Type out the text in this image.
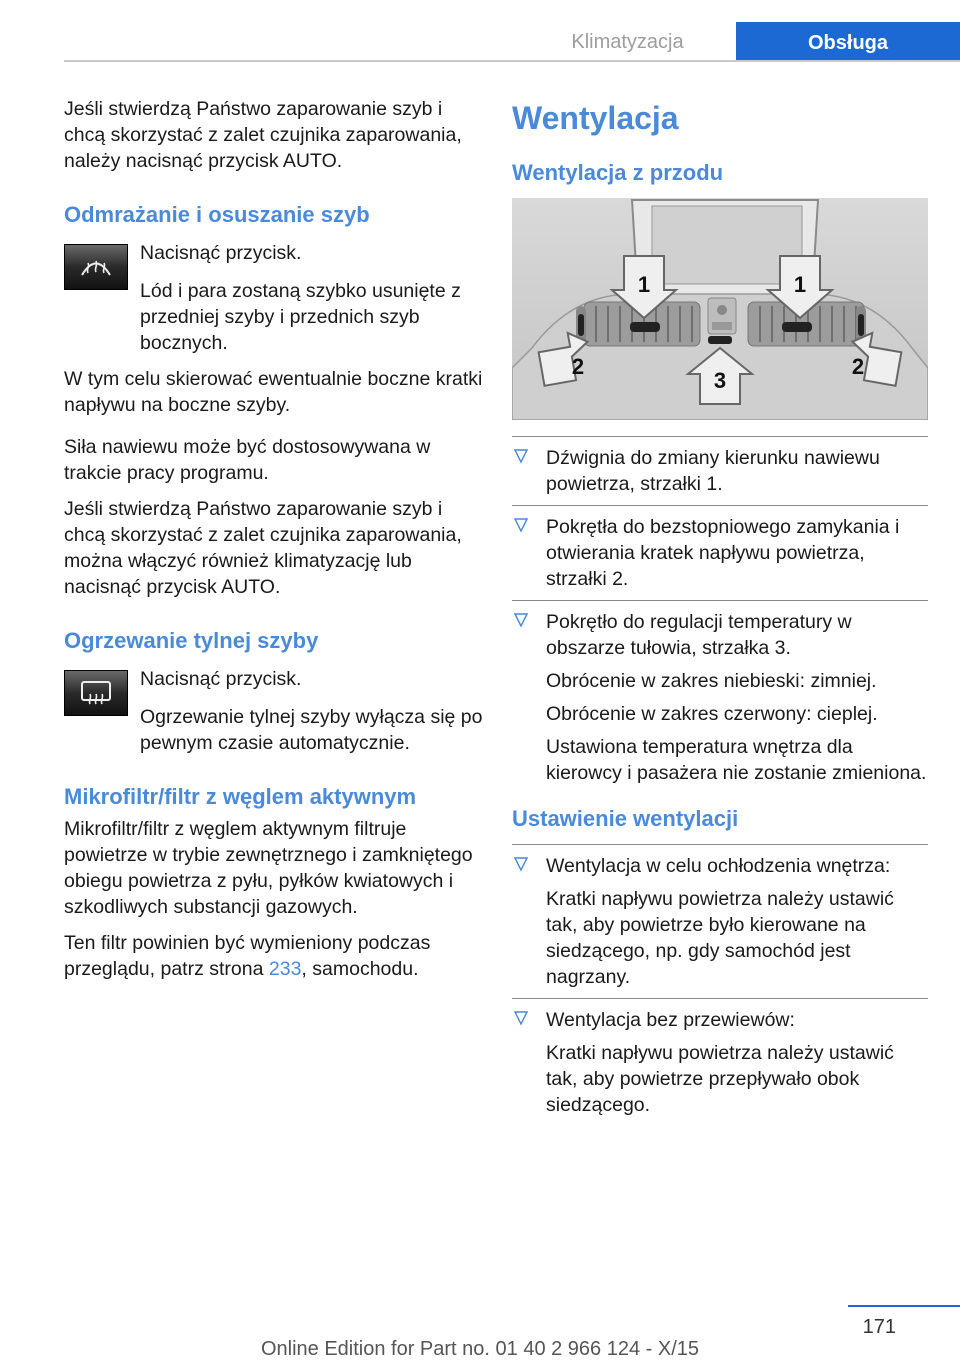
Klimatyzacja	Obsługa

Jeśli stwierdzą Państwo zaparowanie szyb i chcą skorzystać z zalet czujnika zaparowania, należy nacisnąć przycisk AUTO.

Odmrażanie i osuszanie szyb

Nacisnąć przycisk.

Lód i para zostaną szybko usunięte z przedniej szyby i przednich szyb bocznych.

W tym celu skierować ewentualnie boczne kratki napływu na boczne szyby.

Siła nawiewu może być dostosowywana w trakcie pracy programu.

Jeśli stwierdzą Państwo zaparowanie szyb i chcą skorzystać z zalet czujnika zaparowania, można włączyć również klimatyzację lub nacisnąć przycisk AUTO.

Ogrzewanie tylnej szyby

Nacisnąć przycisk.

Ogrzewanie tylnej szyby wyłącza się po pewnym czasie automatycznie.

Mikrofiltr/filtr z węglem aktywnym

Mikrofiltr/filtr z węglem aktywnym filtruje powietrze w trybie zewnętrznego i zamkniętego obiegu powietrza z pyłu, pyłków kwiatowych i szkodliwych substancji gazowych.

Ten filtr powinien być wymieniony podczas przeglądu, patrz strona 233, samochodu.

Wentylacja
Wentylacja z przodu
1	1
2
3
2

Dźwignia do zmiany kierunku nawiewu powietrza, strzałki 1.

Pokrętła do bezstopniowego zamykania i otwierania kratek napływu powietrza, strzałki 2.

Pokrętło do regulacji temperatury w obszarze tułowia, strzałka 3.

Obrócenie w zakres niebieski: zimniej.

Obrócenie w zakres czerwony: cieplej.

Ustawiona temperatura wnętrza dla kierowcy i pasażera nie zostanie zmieniona.

Ustawienie wentylacji

Wentylacja w celu ochłodzenia wnętrza:

Kratki napływu powietrza należy ustawić tak, aby powietrze było kierowane na siedzącego, np. gdy samochód jest nagrzany.

Wentylacja bez przewiewów:

Kratki napływu powietrza należy ustawić tak, aby powietrze przepływało obok siedzącego.

171
Online Edition for Part no. 01 40 2 966 124 - X/15
